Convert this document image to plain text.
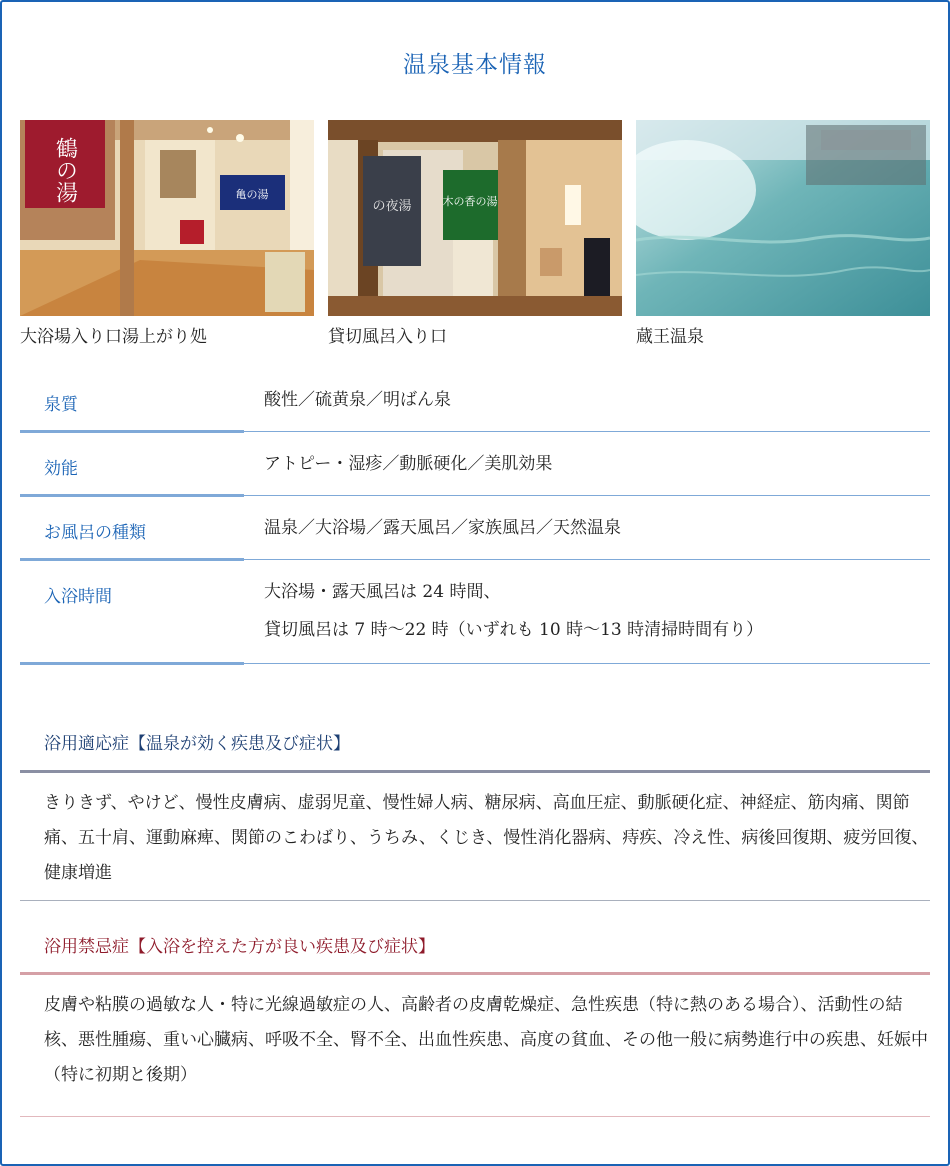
温泉基本情報
鶴の湯	亀の湯
大浴場入り口湯上がり処
の夜湯	木の香の湯
貸切風呂入り口	蔵王温泉
泉質	酸性／硫黄泉／明ばん泉
効能	アトピー・湿疹／動脈硬化／美肌効果
お風呂の種類	温泉／大浴場／露天風呂／家族風呂／天然温泉
入浴時間	大浴場・露天風呂は 24 時間、
貸切風呂は 7 時〜22 時（いずれも 10 時〜13 時清掃時間有り）
浴用適応症【温泉が効く疾患及び症状】
きりきず、やけど、慢性皮膚病、虚弱児童、慢性婦人病、糖尿病、高血圧症、動脈硬化症、神経症、筋肉痛、関節痛、五十肩、運動麻痺、関節のこわばり、うちみ、くじき、慢性消化器病、痔疾、冷え性、病後回復期、疲労回復、健康増進
浴用禁忌症【入浴を控えた方が良い疾患及び症状】
皮膚や粘膜の過敏な人・特に光線過敏症の人、高齢者の皮膚乾燥症、急性疾患（特に熱のある場合）、活動性の結核、悪性腫瘍、重い心臓病、呼吸不全、腎不全、出血性疾患、高度の貧血、その他一般に病勢進行中の疾患、妊娠中（特に初期と後期）
